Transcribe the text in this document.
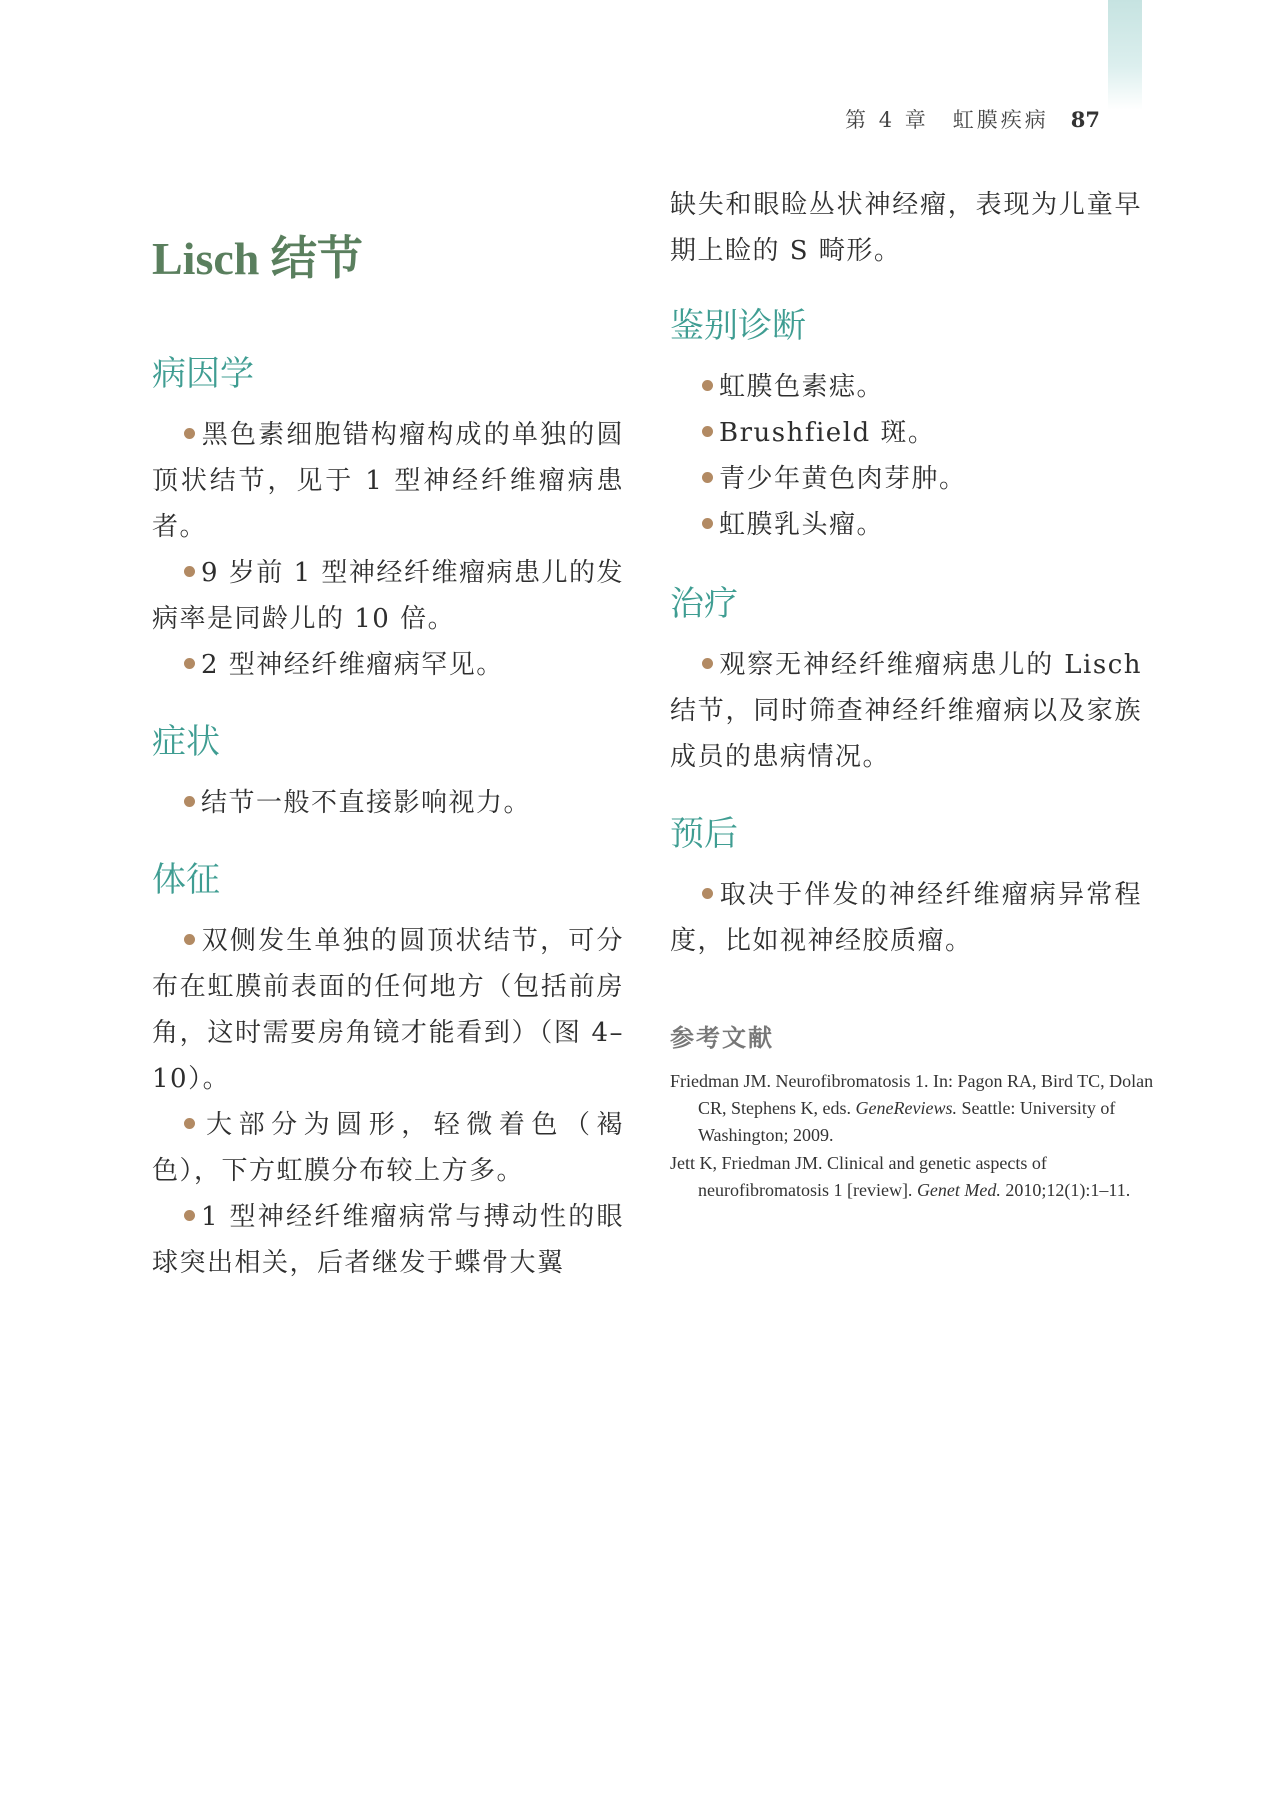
第 4 章　虹膜疾病 87
Lisch 结节
病因学

黑色素细胞错构瘤构成的单独的圆顶状结节，见于 1 型神经纤维瘤病患者。

9 岁前 1 型神经纤维瘤病患儿的发病率是同龄儿的 10 倍。

2 型神经纤维瘤病罕见。

症状

结节一般不直接影响视力。

体征

双侧发生单独的圆顶状结节，可分布在虹膜前表面的任何地方（包括前房角，这时需要房角镜才能看到）（图 4–10）。

大部分为圆形，轻微着色（褐色），下方虹膜分布较上方多。

1 型神经纤维瘤病常与搏动性的眼球突出相关，后者继发于蝶骨大翼

缺失和眼睑丛状神经瘤，表现为儿童早期上睑的 S 畸形。

鉴别诊断

虹膜色素痣。

Brushfield 斑。

青少年黄色肉芽肿。

虹膜乳头瘤。

治疗

观察无神经纤维瘤病患儿的 Lisch 结节，同时筛查神经纤维瘤病以及家族成员的患病情况。

预后

取决于伴发的神经纤维瘤病异常程度，比如视神经胶质瘤。

参考文献

Friedman JM. Neurofibromatosis 1. In: Pagon RA, Bird TC, Dolan CR, Stephens K, eds. GeneReviews. Seattle: University of Washington; 2009.

Jett K, Friedman JM. Clinical and genetic aspects of neurofibromatosis 1 [review]. Genet Med. 2010;12(1):1–11.
